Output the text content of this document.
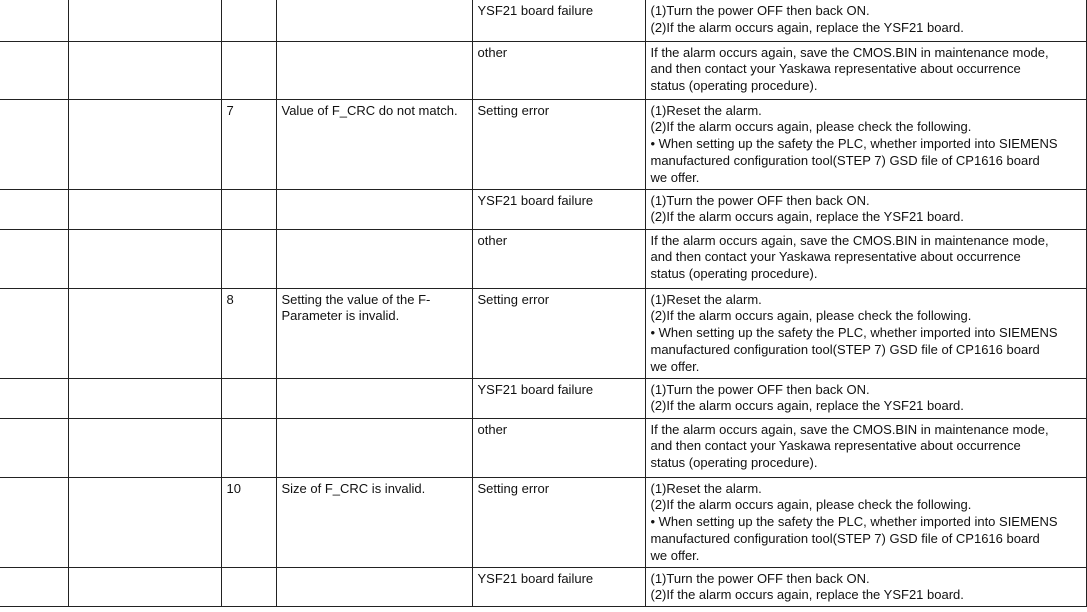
				YSF21 board failure	(1)Turn the power OFF then back ON.
(2)If the alarm occurs again, replace the YSF21 board.

				other	If the alarm occurs again, save the CMOS.BIN in maintenance mode,
and then contact your Yaskawa representative about occurrence
status (operating procedure).

		7	Value of F_CRC do not match.	Setting error	(1)Reset the alarm.
(2)If the alarm occurs again, please check the following.
• When setting up the safety the PLC, whether imported into SIEMENS
manufactured configuration tool(STEP 7) GSD file of CP1616 board
we offer.

				YSF21 board failure	(1)Turn the power OFF then back ON.
(2)If the alarm occurs again, replace the YSF21 board.

				other	If the alarm occurs again, save the CMOS.BIN in maintenance mode,
and then contact your Yaskawa representative about occurrence
status (operating procedure).

		8	Setting the value of the F-
Parameter is invalid.	Setting error	(1)Reset the alarm.
(2)If the alarm occurs again, please check the following.
• When setting up the safety the PLC, whether imported into SIEMENS
manufactured configuration tool(STEP 7) GSD file of CP1616 board
we offer.

				YSF21 board failure	(1)Turn the power OFF then back ON.
(2)If the alarm occurs again, replace the YSF21 board.

				other	If the alarm occurs again, save the CMOS.BIN in maintenance mode,
and then contact your Yaskawa representative about occurrence
status (operating procedure).

		10	Size of F_CRC is invalid.	Setting error	(1)Reset the alarm.
(2)If the alarm occurs again, please check the following.
• When setting up the safety the PLC, whether imported into SIEMENS
manufactured configuration tool(STEP 7) GSD file of CP1616 board
we offer.

				YSF21 board failure	(1)Turn the power OFF then back ON.
(2)If the alarm occurs again, replace the YSF21 board.
